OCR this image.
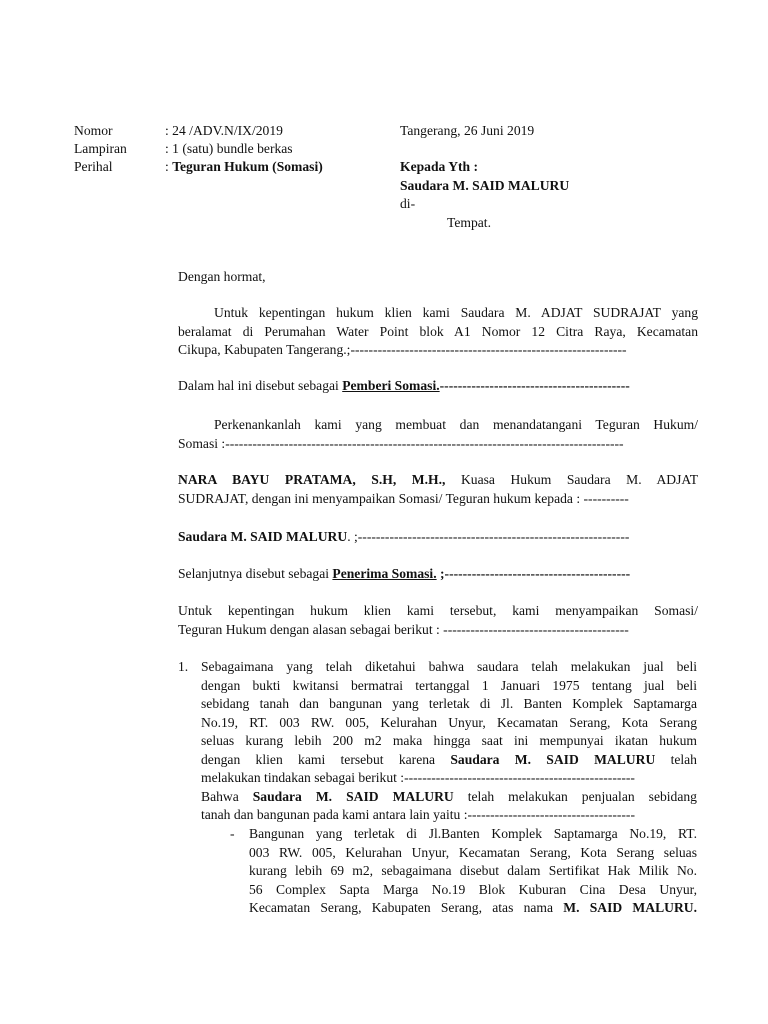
Nomor	: 24 /ADV.N/IX/2019
Lampiran	: 1 (satu) bundle berkas
Perihal	: Teguran Hukum (Somasi)
Tangerang, 26 Juni 2019
Kepada Yth :
Saudara M. SAID MALURU
di-
Tempat.
Dengan hormat,
Untuk kepentingan hukum klien kami Saudara M. ADJAT SUDRAJAT yang
beralamat di Perumahan Water Point blok A1 Nomor 12 Citra Raya, Kecamatan
Cikupa, Kabupaten Tangerang.;-------------------------------------------------------------
Dalam hal ini disebut sebagai Pemberi Somasi.------------------------------------------
Perkenankanlah kami yang membuat dan menandatangani Teguran Hukum/
Somasi :----------------------------------------------------------------------------------------
NARA BAYU PRATAMA, S.H, M.H., Kuasa Hukum Saudara M. ADJAT
SUDRAJAT, dengan ini menyampaikan Somasi/ Teguran hukum kepada : ----------
Saudara M. SAID MALURU. ;------------------------------------------------------------
Selanjutnya disebut sebagai Penerima Somasi. ;-----------------------------------------
Untuk kepentingan hukum klien kami tersebut, kami menyampaikan Somasi/
Teguran Hukum dengan alasan sebagai berikut : -----------------------------------------
1. Sebagaimana yang telah diketahui bahwa saudara telah melakukan jual beli
dengan bukti kwitansi bermatrai tertanggal 1 Januari 1975 tentang jual beli
sebidang tanah dan bangunan yang terletak di Jl. Banten Komplek Saptamarga
No.19, RT. 003 RW. 005, Kelurahan Unyur, Kecamatan Serang, Kota Serang
seluas kurang lebih 200 m2 maka hingga saat ini mempunyai ikatan hukum
dengan klien kami tersebut karena Saudara M. SAID MALURU telah
melakukan tindakan sebagai berikut :---------------------------------------------------
Bahwa Saudara M. SAID MALURU telah melakukan penjualan sebidang
tanah dan bangunan pada kami antara lain yaitu :-------------------------------------
- Bangunan yang terletak di Jl.Banten Komplek Saptamarga No.19, RT.
003 RW. 005, Kelurahan Unyur, Kecamatan Serang, Kota Serang seluas
kurang lebih 69 m2, sebagaimana disebut dalam Sertifikat Hak Milik No.
56 Complex Sapta Marga No.19 Blok Kuburan Cina Desa Unyur,
Kecamatan Serang, Kabupaten Serang, atas nama M. SAID MALURU.
